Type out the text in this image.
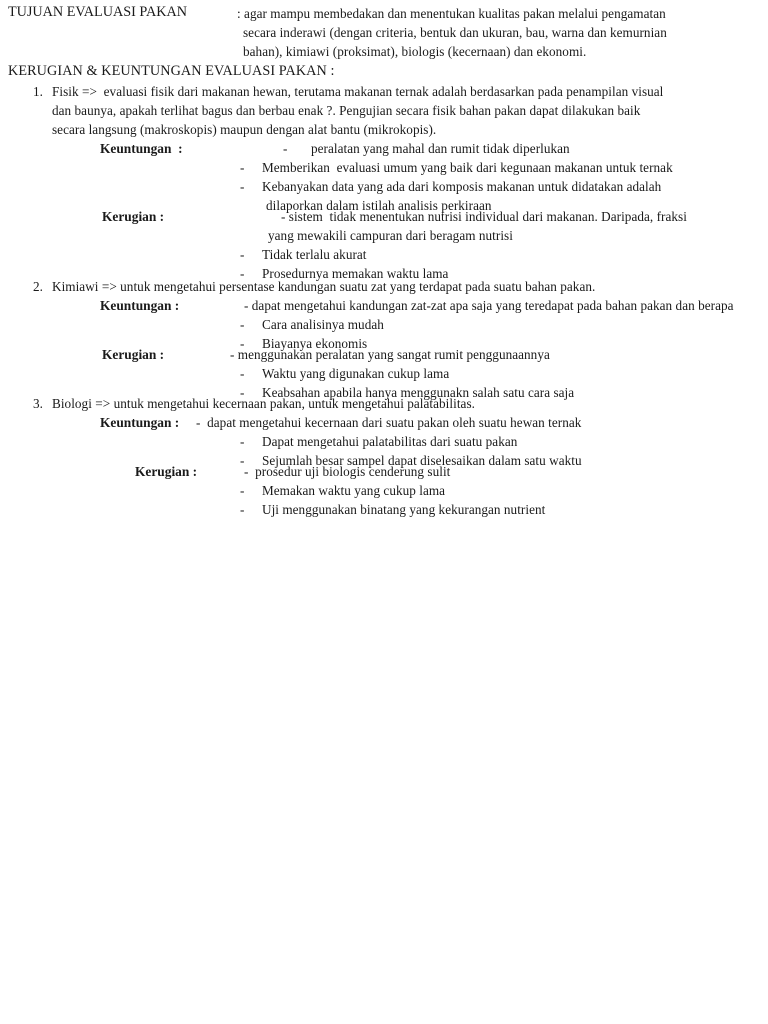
TUJUAN EVALUASI PAKAN	: agar mampu membedakan dan menentukan kualitas pakan melalui pengamatan
secara inderawi (dengan criteria, bentuk dan ukuran, bau, warna dan kemurnian
bahan), kimiawi (proksimat), biologis (kecernaan) dan ekonomi.
KERUGIAN & KEUNTUNGAN EVALUASI PAKAN :
1. Fisik =>  evaluasi fisik dari makanan hewan, terutama makanan ternak adalah berdasarkan pada penampilan visual
dan baunya, apakah terlihat bagus dan berbau enak ?. Pengujian secara fisik bahan pakan dapat dilakukan baik
secara langsung (makroskopis) maupun dengan alat bantu (mikrokopis).
Keuntungan  :	- peralatan yang mahal dan rumit tidak diperlukan
- Memberikan  evaluasi umum yang baik dari kegunaan makanan untuk ternak
- Kebanyakan data yang ada dari komposis makanan untuk didatakan adalah
dilaporkan dalam istilah analisis perkiraan
Kerugian :	- sistem  tidak menentukan nutrisi individual dari makanan. Daripada, fraksi
yang mewakili campuran dari beragam nutrisi
- Tidak terlalu akurat
- Prosedurnya memakan waktu lama
2. Kimiawi => untuk mengetahui persentase kandungan suatu zat yang terdapat pada suatu bahan pakan.
Keuntungan :	- dapat mengetahui kandungan zat-zat apa saja yang teredapat pada bahan pakan dan berapa
- Cara analisinya mudah
- Biayanya ekonomis
Kerugian :	- menggunakan peralatan yang sangat rumit penggunaannya
- Waktu yang digunakan cukup lama
- Keabsahan apabila hanya menggunakn salah satu cara saja
3. Biologi => untuk mengetahui kecernaan pakan, untuk mengetahui palatabilitas.
Keuntungan : -  dapat mengetahui kecernaan dari suatu pakan oleh suatu hewan ternak
- Dapat mengetahui palatabilitas dari suatu pakan
- Sejumlah besar sampel dapat diselesaikan dalam satu waktu
Kerugian :	-  prosedur uji biologis cenderung sulit
- Memakan waktu yang cukup lama
- Uji menggunakan binatang yang kekurangan nutrient
